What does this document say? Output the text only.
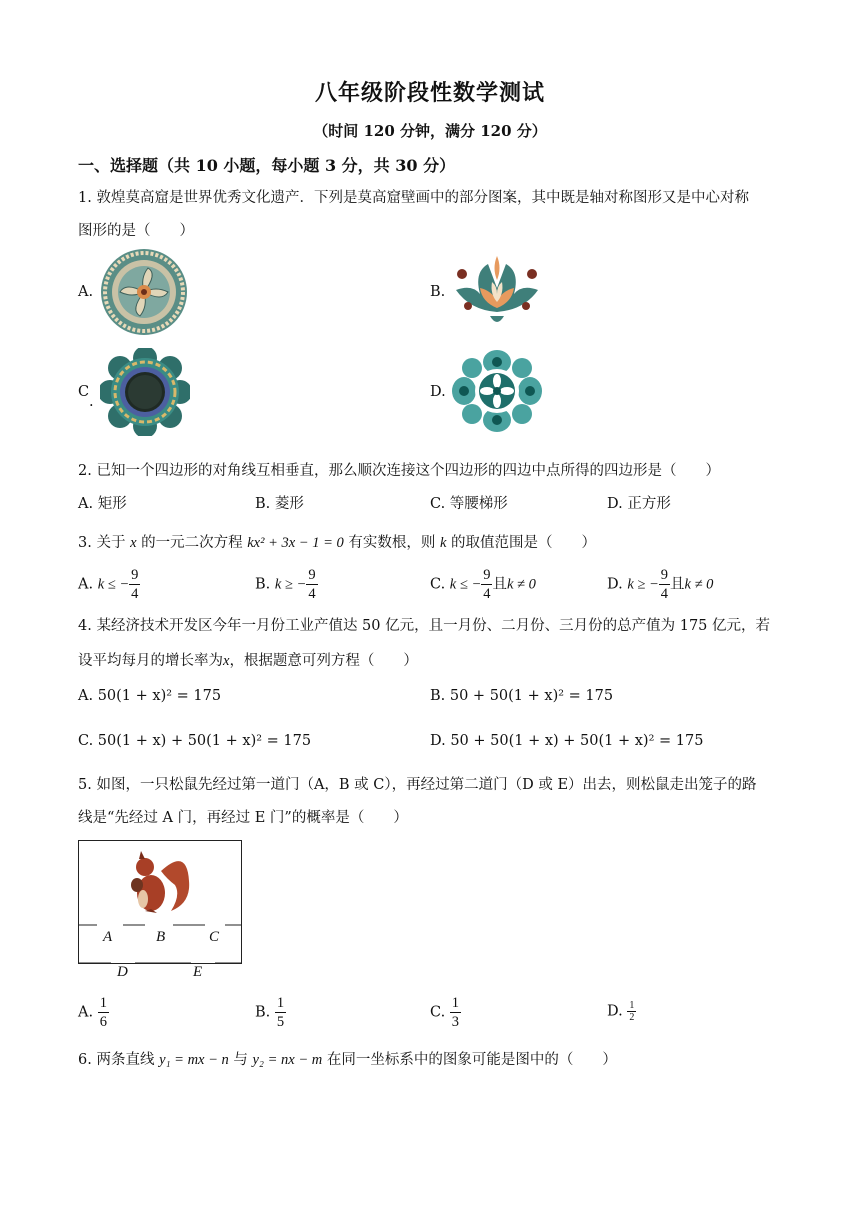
八年级阶段性数学测试
（时间 120 分钟，满分 120 分）
一、选择题（共 10 小题，每小题 3 分，共 30 分）
1. 敦煌莫高窟是世界优秀文化遗产．下列是莫高窟壁画中的部分图案，其中既是轴对称图形又是中心对称
图形的是（　　）
A.	B.
C
.
D.
2. 已知一个四边形的对角线互相垂直，那么顺次连接这个四边形的四边中点所得的四边形是（　　）
A. 矩形	B. 菱形	C. 等腰梯形	D. 正方形
3. 关于 x 的一元二次方程 kx² + 3x − 1 = 0 有实数根，则 k 的取值范围是（　　）
A. k ≤ − $\frac{9}{4}$	B. k ≥ − $\frac{9}{4}$	C. k ≤ − $\frac{9}{4}$ 且k ≠ 0	D. k ≥ − $\frac{9}{4}$ 且k ≠ 0
4. 某经济技术开发区今年一月份工业产值达 50 亿元，且一月份、二月份、三月份的总产值为 175 亿元，若
设平均每月的增长率为x，根据题意可列方程（　　）
A. 50(1 + x)² = 175	B. 50 + 50(1 + x)² = 175
C. 50(1 + x) + 50(1 + x)² = 175	D. 50 + 50(1 + x) + 50(1 + x)² = 175
5. 如图，一只松鼠先经过第一道门（A，B 或 C），再经过第二道门（D 或 E）出去，则松鼠走出笼子的路
线是“先经过 A 门，再经过 E 门”的概率是（　　）
A	B	C
D	E
A. $\frac{1}{6}$	B. $\frac{1}{5}$	C. $\frac{1}{3}$	D. $\frac{1}{2}$
6. 两条直线 y₁ = mx − n 与 y₂ = nx − m 在同一坐标系中的图象可能是图中的（　　）
